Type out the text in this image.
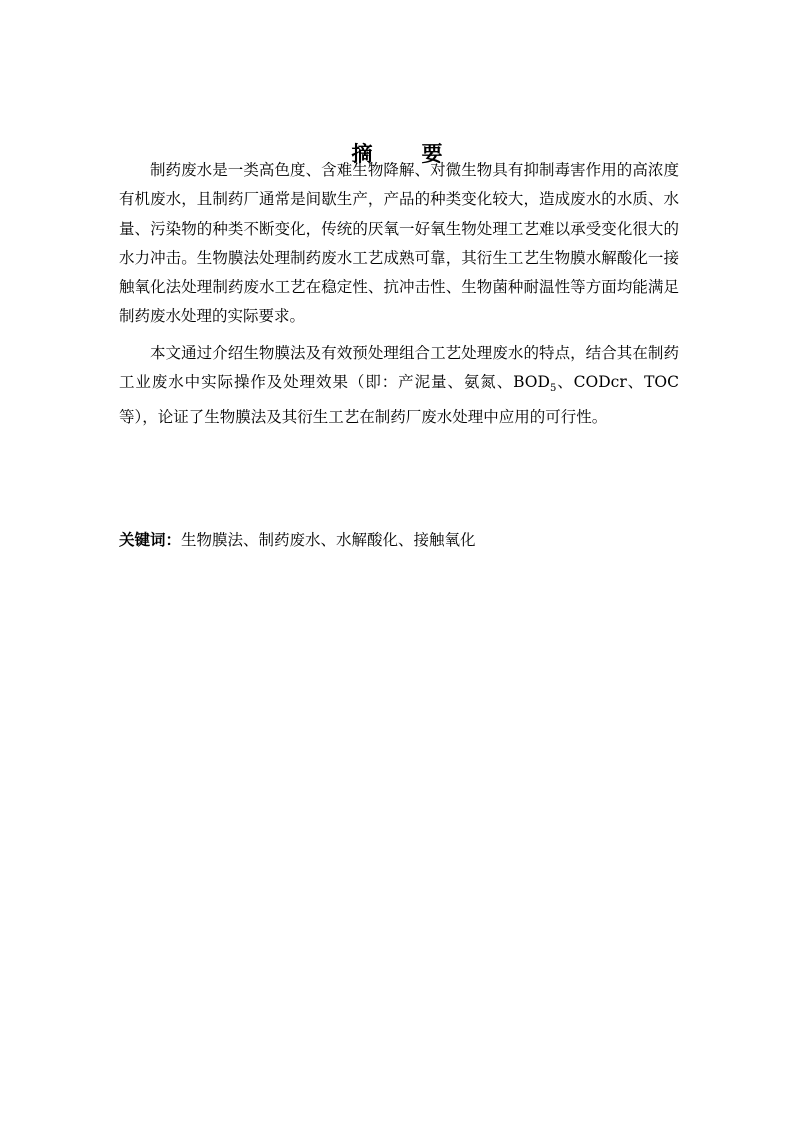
摘　要

制药废水是一类高色度、含难生物降解、对微生物具有抑制毒害作用的高浓度有机废水，且制药厂通常是间歇生产，产品的种类变化较大，造成废水的水质、水量、污染物的种类不断变化，传统的厌氧一好氧生物处理工艺难以承受变化很大的水力冲击。生物膜法处理制药废水工艺成熟可靠，其衍生工艺生物膜水解酸化一接触氧化法处理制药废水工艺在稳定性、抗冲击性、生物菌种耐温性等方面均能满足制药废水处理的实际要求。

本文通过介绍生物膜法及有效预处理组合工艺处理废水的特点，结合其在制药工业废水中实际操作及处理效果（即：产泥量、氨氮、$BOD_5$、CODcr、TOC等），论证了生物膜法及其衍生工艺在制药厂废水处理中应用的可行性。

关键词：生物膜法、制药废水、水解酸化、接触氧化
